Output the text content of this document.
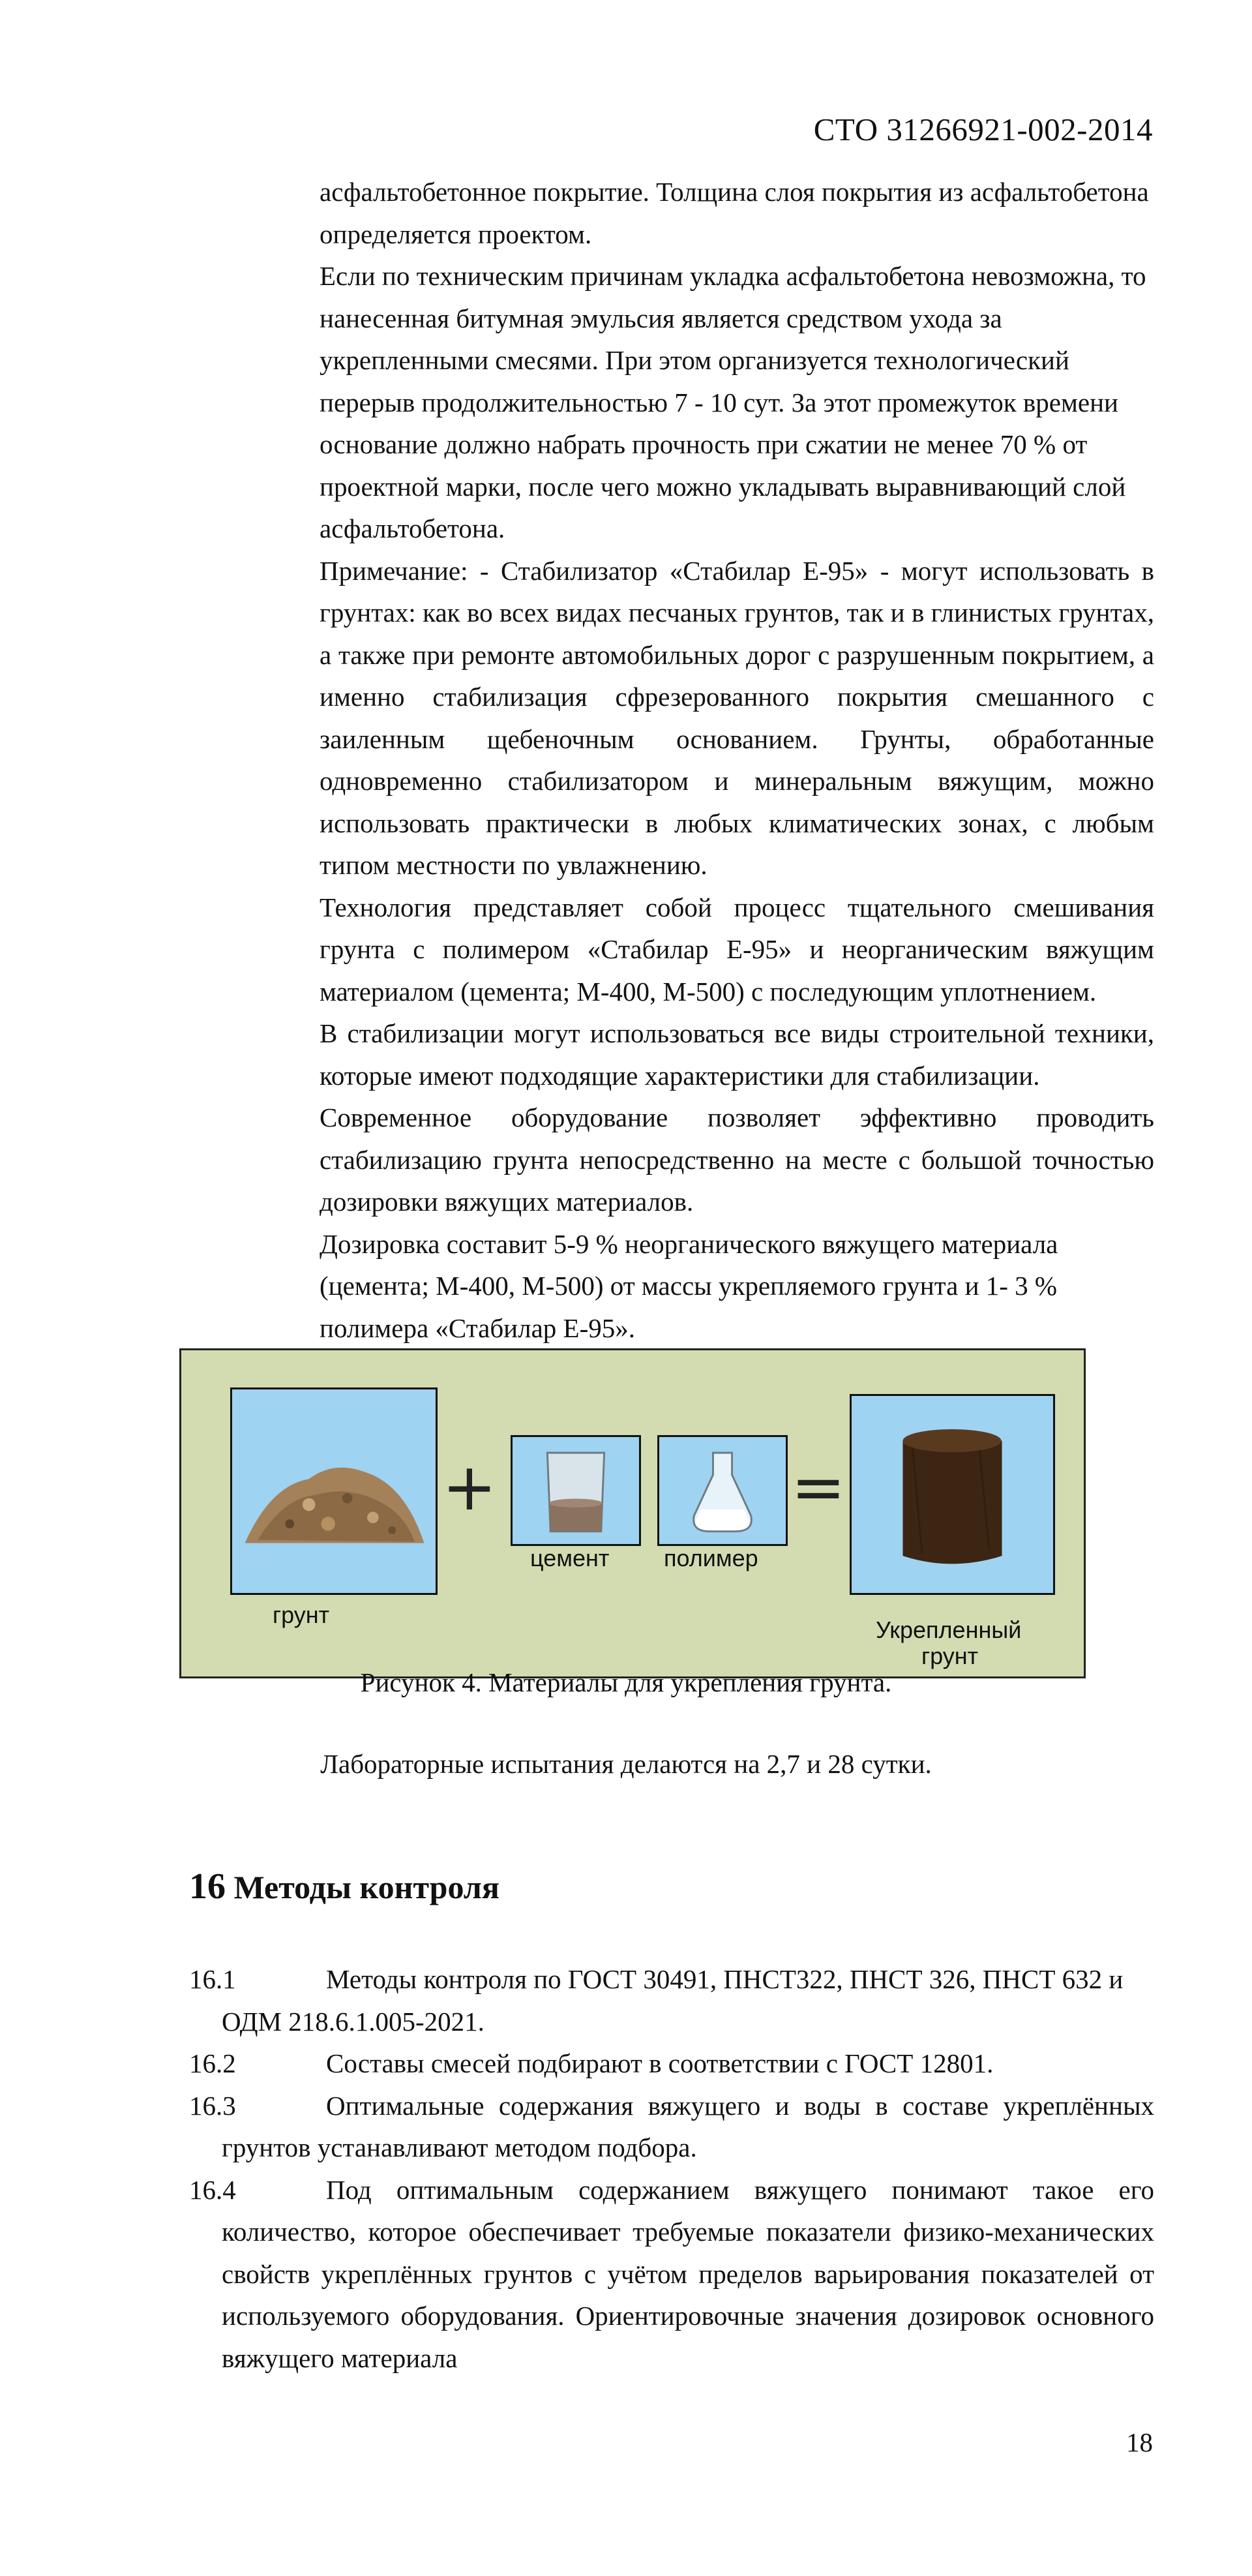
СТО 31266921-002-2014

асфальтобетонное покрытие. Толщина слоя покрытия из асфальтобетона определяется проектом.

Если по техническим причинам укладка асфальтобетона невозможна, то нанесенная битумная эмульсия является средством ухода за укрепленными смесями. При этом организуется технологический перерыв продолжительностью 7 - 10 сут. За этот промежуток времени основание должно набрать прочность при сжатии не менее 70 % от проектной марки, после чего можно укладывать выравнивающий слой асфальтобетона.

Примечание: - Стабилизатор «Стабилар Е-95» - могут использовать в грунтах: как во всех видах песчаных грунтов, так и в глинистых грунтах, а также при ремонте автомобильных дорог с разрушенным покрытием, а именно стабилизация сфрезерованного покрытия смешанного с заиленным щебеночным основанием. Грунты, обработанные одновременно стабилизатором и минеральным вяжущим, можно использовать практически в любых климатических зонах, с любым типом местности по увлажнению.

Технология представляет собой процесс тщательного смешивания грунта с полимером «Стабилар Е-95» и неорганическим вяжущим материалом (цемента; М-400, М-500) с последующим уплотнением.

В стабилизации могут использоваться все виды строительной техники, которые имеют подходящие характеристики для стабилизации.

Современное оборудование позволяет эффективно проводить стабилизацию грунта непосредственно на месте с большой точностью дозировки вяжущих материалов.

Дозировка составит 5-9 % неорганического вяжущего материала (цемента; М-400, М-500) от массы укрепляемого грунта и 1- 3 % полимера «Стабилар Е-95».

грунт
+
цемент полимер
=
Укрепленный
грунт
Рисунок 4. Материалы для укрепления грунта.
Лабораторные испытания делаются на 2,7 и 28 сутки.
16 Методы контроля
16.1	Методы контроля по ГОСТ 30491, ПНСТ322, ПНСТ 326, ПНСТ 632 и ОДМ 218.6.1.005-2021.
16.2	Составы смесей подбирают в соответствии с ГОСТ 12801.
16.3	Оптимальные содержания вяжущего и воды в составе укреплённых грунтов устанавливают методом подбора.
16.4	Под оптимальным содержанием вяжущего понимают такое его количество, которое обеспечивает требуемые показатели физико-механических свойств укреплённых грунтов с учётом пределов варьирования показателей от используемого оборудования. Ориентировочные значения дозировок основного вяжущего материала
18
